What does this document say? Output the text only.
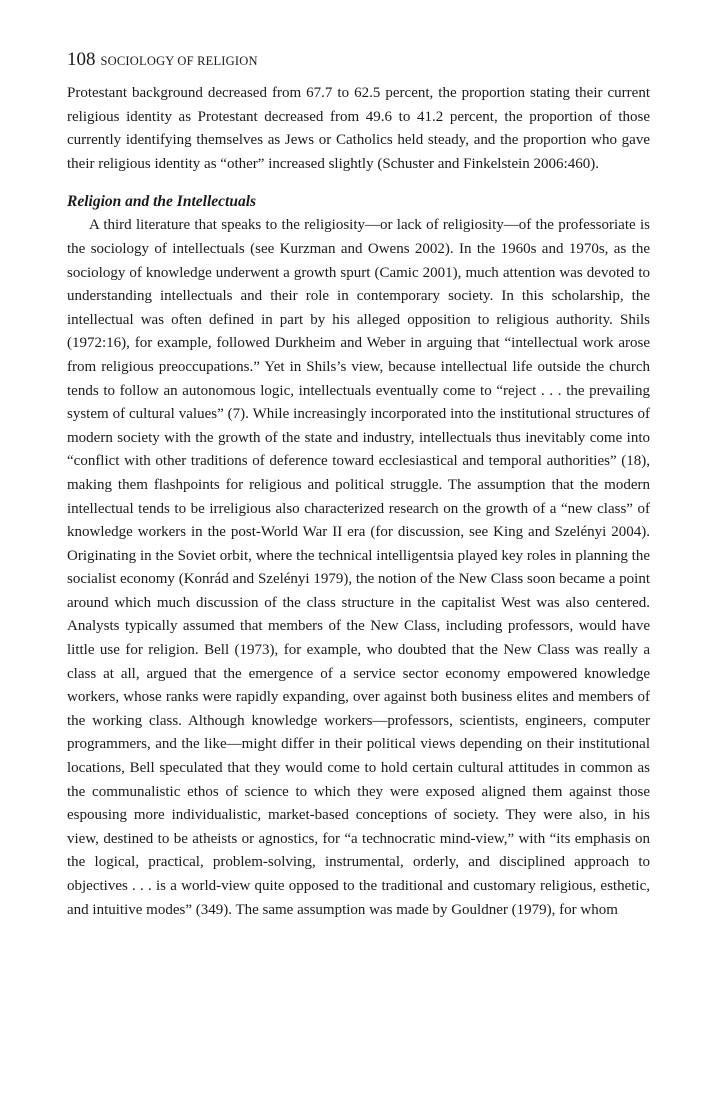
108 SOCIOLOGY OF RELIGION

Protestant background decreased from 67.7 to 62.5 percent, the proportion stating their current religious identity as Protestant decreased from 49.6 to 41.2 percent, the proportion of those currently identifying themselves as Jews or Catholics held steady, and the proportion who gave their religious identity as “other” increased slightly (Schuster and Finkelstein 2006:460).

Religion and the Intellectuals

A third literature that speaks to the religiosity—or lack of religiosity—of the professoriate is the sociology of intellectuals (see Kurzman and Owens 2002). In the 1960s and 1970s, as the sociology of knowledge underwent a growth spurt (Camic 2001), much attention was devoted to understanding intellectuals and their role in contemporary society. In this scholarship, the intellectual was often defined in part by his alleged opposition to religious authority. Shils (1972:16), for example, followed Durkheim and Weber in arguing that “intellectual work arose from religious preoccupations.” Yet in Shils’s view, because intellectual life outside the church tends to follow an autonomous logic, intellectuals eventually come to “reject . . . the prevailing system of cultural values” (7). While increasingly incorporated into the institutional structures of modern society with the growth of the state and industry, intellectuals thus inevitably come into “conflict with other traditions of deference toward ecclesiastical and temporal authorities” (18), making them flashpoints for religious and political struggle. The assumption that the modern intellectual tends to be irreligious also characterized research on the growth of a “new class” of knowledge workers in the post-World War II era (for discussion, see King and Szelényi 2004). Originating in the Soviet orbit, where the technical intelligentsia played key roles in planning the socialist economy (Konrád and Szelényi 1979), the notion of the New Class soon became a point around which much discussion of the class structure in the capitalist West was also centered. Analysts typically assumed that members of the New Class, including professors, would have little use for religion. Bell (1973), for example, who doubted that the New Class was really a class at all, argued that the emergence of a service sector economy empowered knowledge workers, whose ranks were rapidly expanding, over against both business elites and members of the working class. Although knowledge workers—professors, scientists, engineers, computer programmers, and the like—might differ in their political views depending on their institutional locations, Bell speculated that they would come to hold certain cultural attitudes in common as the communalistic ethos of science to which they were exposed aligned them against those espousing more individualistic, market-based conceptions of society. They were also, in his view, destined to be atheists or agnostics, for “a technocratic mind-view,” with “its emphasis on the logical, practical, problem-solving, instrumental, orderly, and disciplined approach to objectives . . . is a world-view quite opposed to the traditional and customary religious, esthetic, and intuitive modes” (349). The same assumption was made by Gouldner (1979), for whom
